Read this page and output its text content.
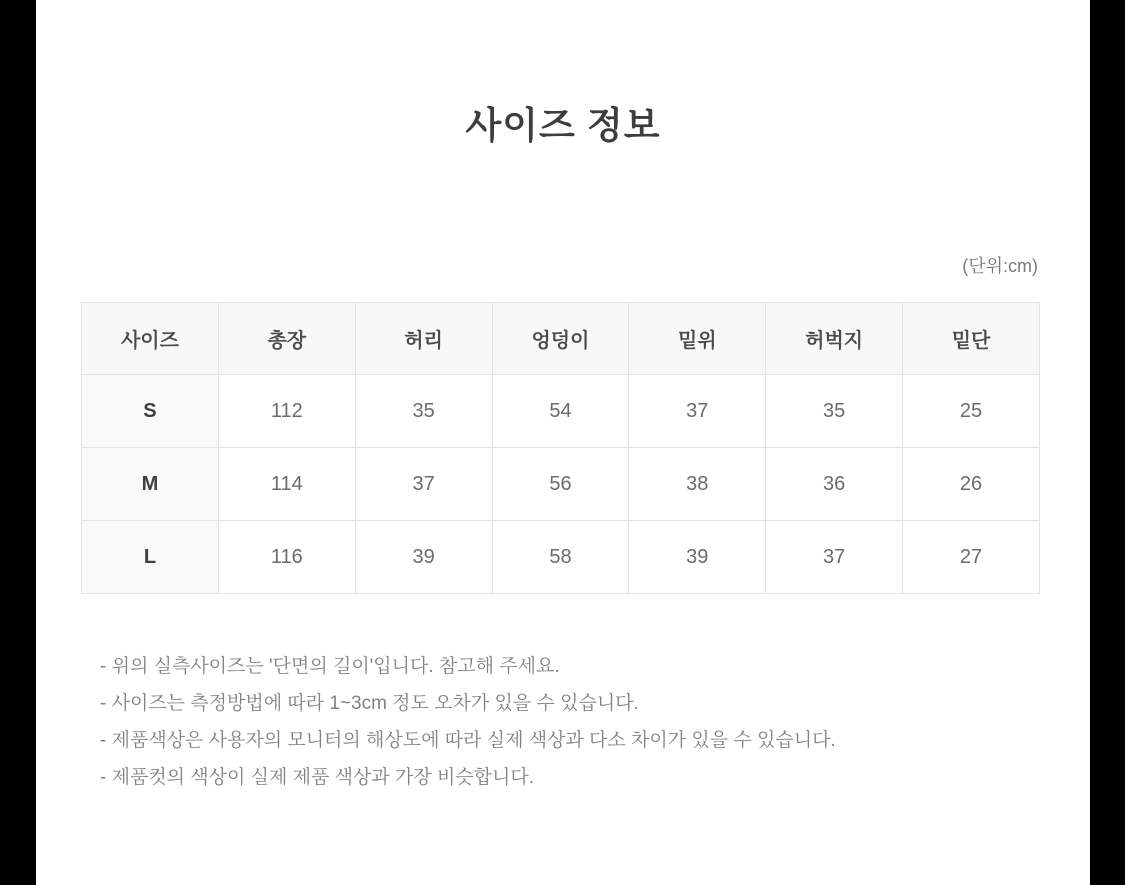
사이즈 정보
(단위:cm)
사이즈	총장	허리	엉덩이	밑위	허벅지	밑단
S	112	35	54	37	35	25
M	114	37	56	38	36	26
L	116	39	58	39	37	27

- 위의 실측사이즈는 '단면의 길이'입니다. 참고해 주세요.

- 사이즈는 측정방법에 따라 1~3cm 정도 오차가 있을 수 있습니다.

- 제품색상은 사용자의 모니터의 해상도에 따라 실제 색상과 다소 차이가 있을 수 있습니다.

- 제품컷의 색상이 실제 제품 색상과 가장 비슷합니다.
